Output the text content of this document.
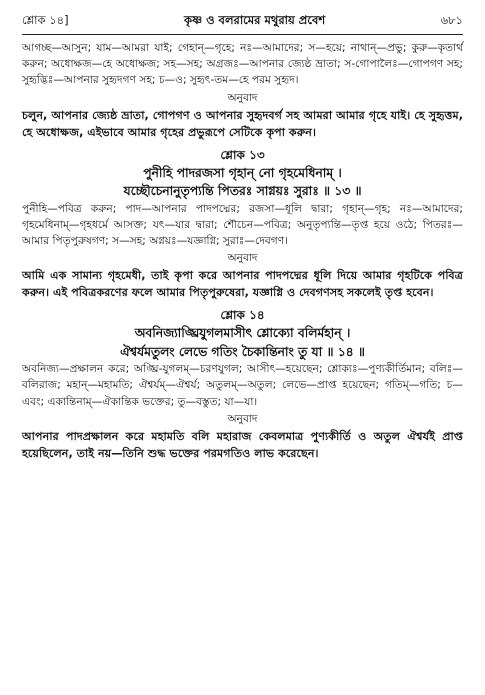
শ্লোক ১৪]	কৃষ্ণ ও বলরামের মথুরায় প্রবেশ	৬৮১

আগচ্ছ—আসুন; যাম—আমরা যাই; গেহান্—গৃহে; নঃ—আমাদের; স—হয়ে; নাথান্—প্রভু; কুরু—কৃতার্থ করুন; অধোক্ষজ—হে অধোক্ষজ; সহ—সহ; অগ্রজঃ—আপনার জ্যেষ্ঠ ভ্রাতা; স-গোপালৈঃ—গোপগণ সহ; সুহৃদ্ভিঃ—আপনার সুহৃদগণ সহ; চ—ও; সুহৃৎ-তম—হে পরম সুহৃদ।

অনুবাদ

চলুন, আপনার জ্যেষ্ঠ ভ্রাতা, গোপগণ ও আপনার সুহৃদবর্গ সহ আমরা আমার গৃহে যাই। হে সুহৃত্তম, হে অধোক্ষজ, এইভাবে আমার গৃহের প্রভুরূপে সেটিকে কৃপা করুন।

শ্লোক ১৩
পুনীহি পাদরজসা গৃহান্ নো গৃহমেধিনাম্ ।
যচ্ছৌচেনানুতৃপ্যন্তি পিতরঃ সাগ্নয়ঃ সুরাঃ ॥ ১৩ ॥

পুনীহি—পবিত্র করুন; পাদ—আপনার পাদপদ্মের; রজসা—ধূলি দ্বারা; গৃহান্—গৃহ; নঃ—আমাদের; গৃহমেধিনাম্—গৃহধর্মে আসক্ত; যৎ—যার দ্বারা; শৌচেন—পবিত্র; অনুতৃপ্যন্তি—তৃপ্ত হয়ে ওঠে; পিতরঃ—আমার পিতৃপুরুষগণ; স—সহ; অগ্নয়ঃ—যজ্ঞাগ্নি; সুরাঃ—দেবগণ।

অনুবাদ

আমি এক সামান্য গৃহমেধী, তাই কৃপা করে আপনার পাদপদ্মের ধূলি দিয়ে আমার গৃহটিকে পবিত্র করুন। এই পবিত্রকরণের ফলে আমার পিতৃপুরুষেরা, যজ্ঞাগ্নি ও দেবগণসহ সকলেই তৃপ্ত হবেন।

শ্লোক ১৪
অবনিজ্যাঙ্ঘ্রিযুগলমাসীৎ শ্লোক্যো বলির্মহান্ ।
ঐশ্বর্যমতুলং লেভে গতিং চৈকান্তিনাং তু যা ॥ ১৪ ॥

অবনিজ্য—প্রক্ষালন করে; অঙ্ঘ্রি-যুগলম্—চরণযুগল; আসীৎ—হয়েছেন; শ্লোক্যঃ—পুণ্যকীর্তিমান; বলিঃ—বলিরাজ; মহান্—মহামতি; ঐশ্বর্যম্—ঐশ্বর্য; অতুলম্—অতুল; লেভে—প্রাপ্ত হয়েছেন; গতিম্—গতি; চ—এবং; একান্তিনাম্—ঐকান্তিক ভক্তের; তু—বস্তুত; যা—যা।

অনুবাদ

আপনার পাদপ্রক্ষালন করে মহামতি বলি মহারাজ কেবলমাত্র পুণ্যকীর্তি ও অতুল ঐশ্বর্যই প্রাপ্ত হয়েছিলেন, তাই নয়—তিনি শুদ্ধ ভক্তের পরমগতিও লাভ করেছেন।
